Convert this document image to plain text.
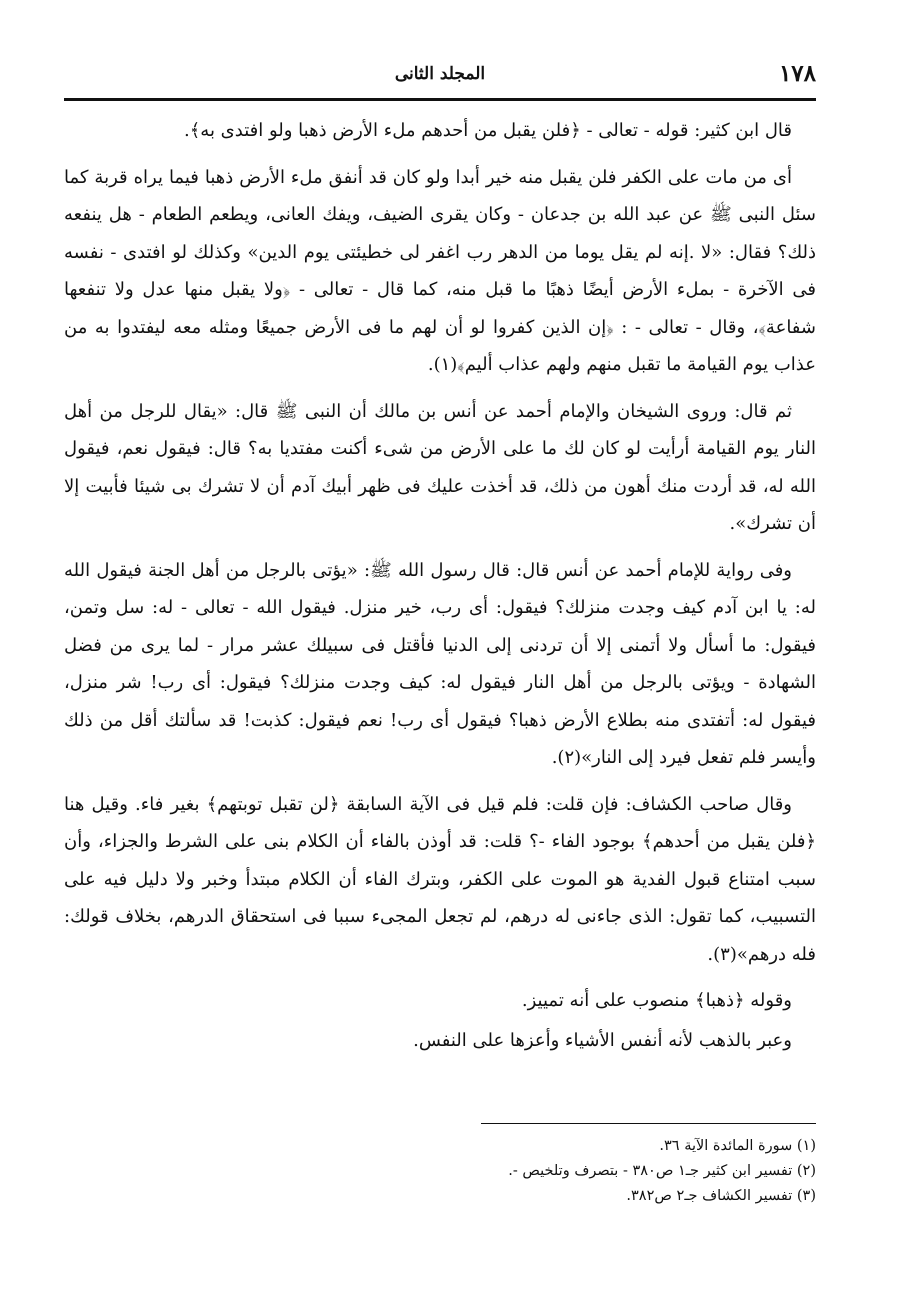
١٧٨
المجلد الثانى

قال ابن كثير: قوله - تعالى - ﴿فلن يقبل من أحدهم ملء الأرض ذهبا ولو افتدى به﴾.

أى من مات على الكفر فلن يقبل منه خير أبدا ولو كان قد أنفق ملء الأرض ذهبا فيما يراه قربة كما سئل النبى ﷺ عن عبد الله بن جدعان - وكان يقرى الضيف، ويفك العانى، ويطعم الطعام - هل ينفعه ذلك؟ فقال: «لا .إنه لم يقل يوما من الدهر رب اغفر لى خطيئتى يوم الدين» وكذلك لو افتدى - نفسه فى الآخرة - بملء الأرض أيضًا ذهبًا ما قبل منه، كما قال - تعالى - ﴿ولا يقبل منها عدل ولا تنفعها شفاعة﴾، وقال - تعالى - : ﴿إن الذين كفروا لو أن لهم ما فى الأرض جميعًا ومثله معه ليفتدوا به من عذاب يوم القيامة ما تقبل منهم ولهم عذاب أليم﴾(١).

ثم قال: وروى الشيخان والإمام أحمد عن أنس بن مالك أن النبى ﷺ قال: «يقال للرجل من أهل النار يوم القيامة أرأيت لو كان لك ما على الأرض من شىء أكنت مفتديا به؟ قال: فيقول نعم، فيقول الله له، قد أردت منك أهون من ذلك، قد أخذت عليك فى ظهر أبيك آدم أن لا تشرك بى شيئا فأبيت إلا أن تشرك».

وفى رواية للإمام أحمد عن أنس قال: قال رسول الله ﷺ: «يؤتى بالرجل من أهل الجنة فيقول الله له: يا ابن آدم كيف وجدت منزلك؟ فيقول: أى رب، خير منزل. فيقول الله - تعالى - له: سل وتمن، فيقول: ما أسأل ولا أتمنى إلا أن تردنى إلى الدنيا فأقتل فى سبيلك عشر مرار - لما يرى من فضل الشهادة - ويؤتى بالرجل من أهل النار فيقول له: كيف وجدت منزلك؟ فيقول: أى رب! شر منزل، فيقول له: أتفتدى منه بطلاع الأرض ذهبا؟ فيقول أى رب! نعم فيقول: كذبت! قد سألتك أقل من ذلك وأيسر فلم تفعل فيرد إلى النار»(٢).

وقال صاحب الكشاف: فإن قلت: فلم قيل فى الآية السابقة ﴿لن تقبل توبتهم﴾ بغير فاء. وقيل هنا ﴿فلن يقبل من أحدهم﴾ بوجود الفاء -؟ قلت: قد أوذن بالفاء أن الكلام بنى على الشرط والجزاء، وأن سبب امتناع قبول الفدية هو الموت على الكفر، وبترك الفاء أن الكلام مبتدأ وخبر ولا دليل فيه على التسبيب، كما تقول: الذى جاءنى له درهم، لم تجعل المجىء سببا فى استحقاق الدرهم، بخلاف قولك: فله درهم»(٣).

وقوله ﴿ذهبا﴾ منصوب على أنه تمييز.

وعبر بالذهب لأنه أنفس الأشياء وأعزها على النفس.

(١) سورة المائدة الآية ٣٦.
(٢) تفسير ابن كثير جـ١ ص٣٨٠ - بتصرف وتلخيص -.
(٣) تفسير الكشاف جـ٢ ص٣٨٢.
